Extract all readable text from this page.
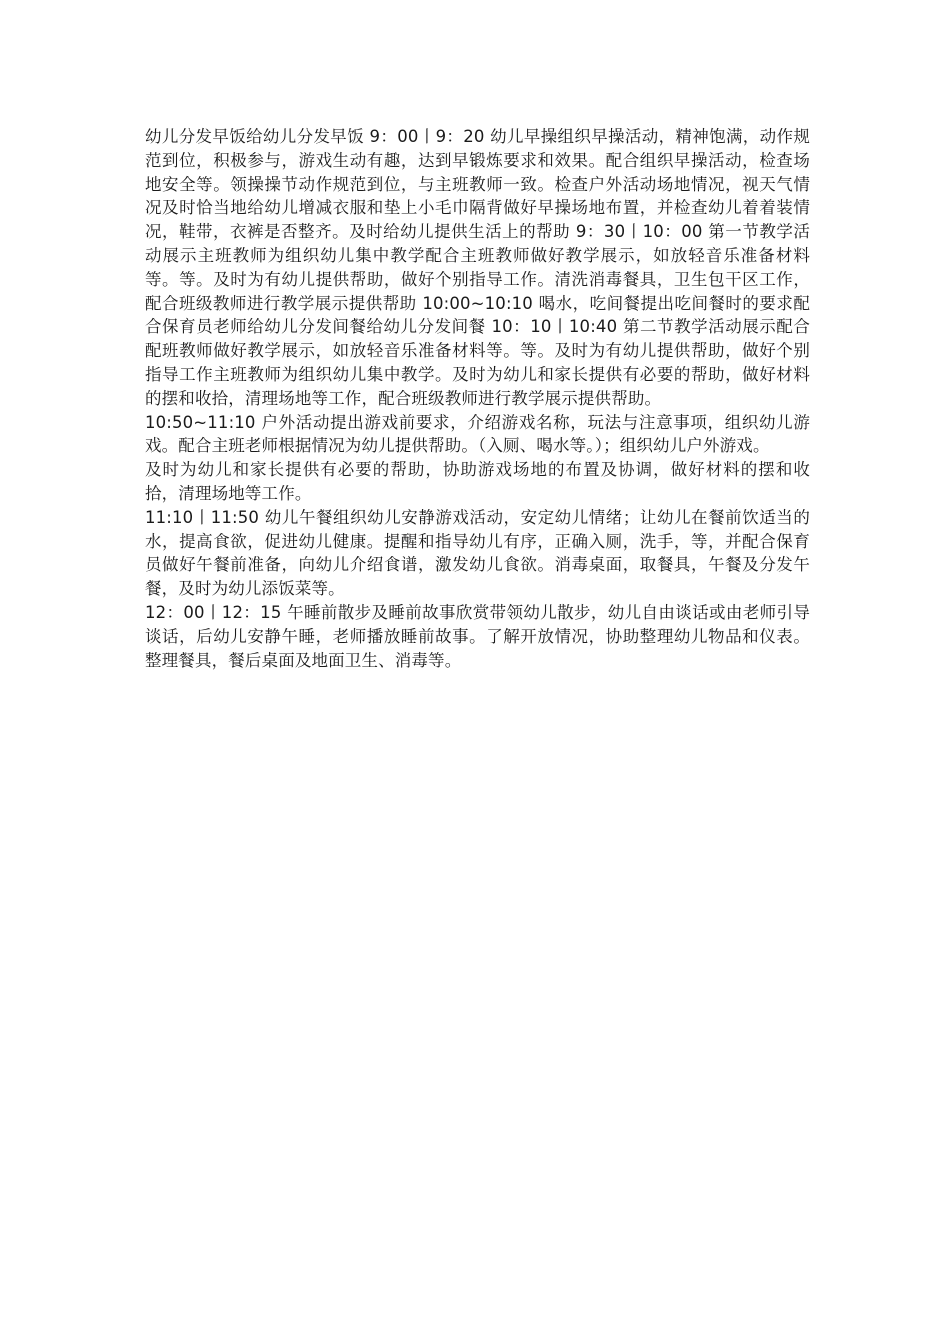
幼儿分发早饭给幼儿分发早饭 9：00丨9：20 幼儿早操组织早操活动，精神饱满，动作规范到位，积极参与，游戏生动有趣，达到早锻炼要求和效果。配合组织早操活动，检查场地安全等。领操操节动作规范到位，与主班教师一致。检查户外活动场地情况，视天气情况及时恰当地给幼儿增减衣服和垫上小毛巾隔背做好早操场地布置，并检查幼儿着着装情况，鞋带，衣裤是否整齐。及时给幼儿提供生活上的帮助 9：30丨10：00 第一节教学活动展示主班教师为组织幼儿集中教学配合主班教师做好教学展示，如放轻音乐准备材料等。等。及时为有幼儿提供帮助，做好个别指导工作。清洗消毒餐具，卫生包干区工作，配合班级教师进行教学展示提供帮助 10:00~10:10 喝水，吃间餐提出吃间餐时的要求配合保育员老师给幼儿分发间餐给幼儿分发间餐 10：10丨10:40 第二节教学活动展示配合配班教师做好教学展示，如放轻音乐准备材料等。等。及时为有幼儿提供帮助，做好个别指导工作主班教师为组织幼儿集中教学。及时为幼儿和家长提供有必要的帮助，做好材料的摆和收拾，清理场地等工作，配合班级教师进行教学展示提供帮助。

10:50~11:10 户外活动提出游戏前要求，介绍游戏名称，玩法与注意事项，组织幼儿游戏。配合主班老师根据情况为幼儿提供帮助。（入厕、喝水等。）；组织幼儿户外游戏。

及时为幼儿和家长提供有必要的帮助，协助游戏场地的布置及协调，做好材料的摆和收拾，清理场地等工作。

11:10丨11:50 幼儿午餐组织幼儿安静游戏活动，安定幼儿情绪；让幼儿在餐前饮适当的水，提高食欲，促进幼儿健康。提醒和指导幼儿有序，正确入厕，洗手，等，并配合保育员做好午餐前准备，向幼儿介绍食谱，激发幼儿食欲。消毒桌面，取餐具，午餐及分发午餐，及时为幼儿添饭菜等。

12：00丨12：15 午睡前散步及睡前故事欣赏带领幼儿散步，幼儿自由谈话或由老师引导谈话，后幼儿安静午睡，老师播放睡前故事。了解开放情况，协助整理幼儿物品和仪表。整理餐具，餐后桌面及地面卫生、消毒等。
